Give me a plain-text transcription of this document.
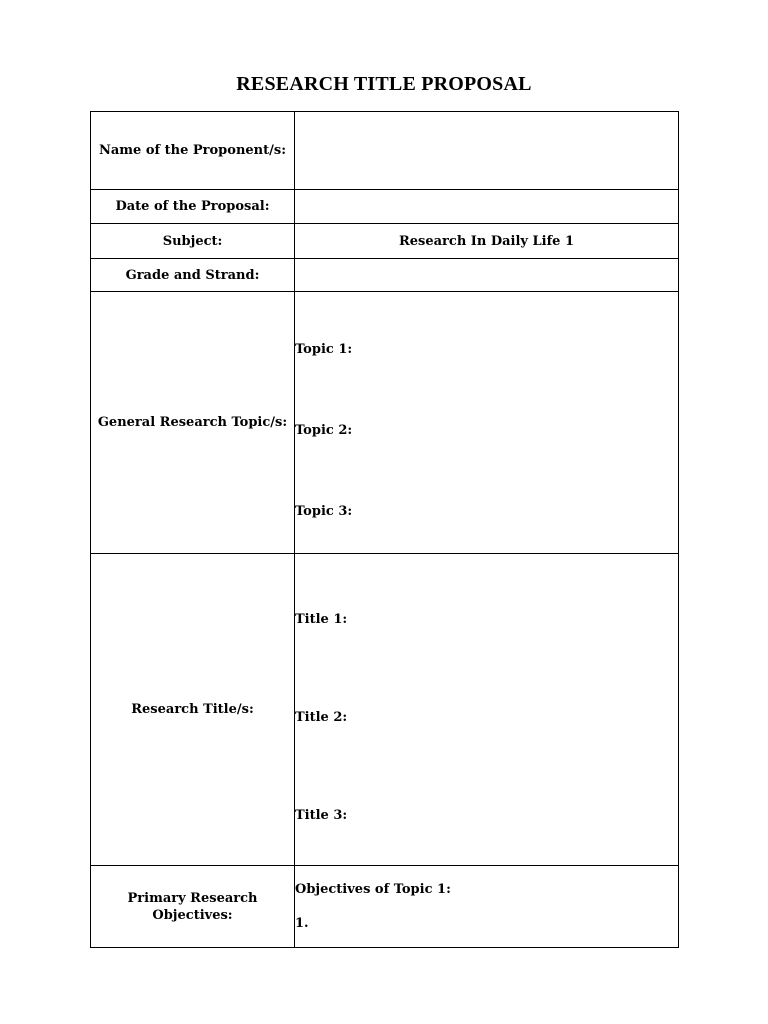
RESEARCH TITLE PROPOSAL
Name of the Proponent/s:	
Date of the Proposal:	
Subject:	Research In Daily Life 1
Grade and Strand:	
General Research Topic/s:	Topic 1:
Topic 2:
Topic 3:

Research Title/s:	Title 1:
Title 2:
Title 3:

Primary Research Objectives:	Objectives of Topic 1:
1.
